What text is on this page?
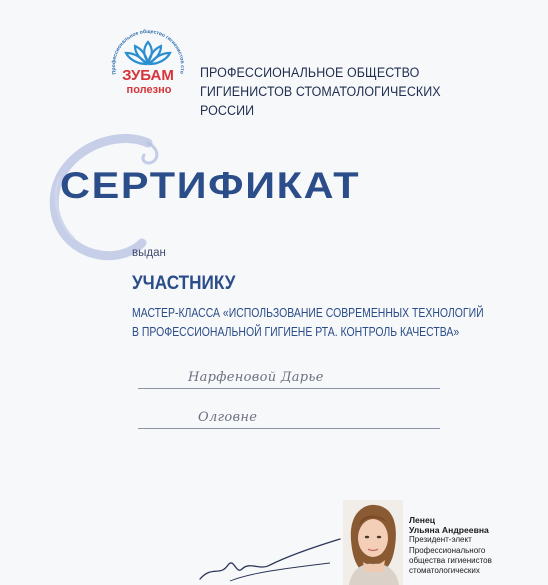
Профессиональное общество гигиенистов сто
ЗУБАМ
полезно
ПРОФЕССИОНАЛЬНОЕ ОБЩЕСТВО
ГИГИЕНИСТОВ СТОМАТОЛОГИЧЕСКИХ РОССИИ
СЕРТИФИКАТ
выдан
УЧАСТНИКУ
МАСТЕР-КЛАССА «ИСПОЛЬЗОВАНИЕ СОВРЕМЕННЫХ ТЕХНОЛОГИЙ
В ПРОФЕССИОНАЛЬНОЙ ГИГИЕНЕ РТА. КОНТРОЛЬ КАЧЕСТВА»
Нарфеновой Дарье
Олговне
Ленец
Ульяна Андреевна
Президент-элект
Профессионального
общества гигиенистов
стоматологических
